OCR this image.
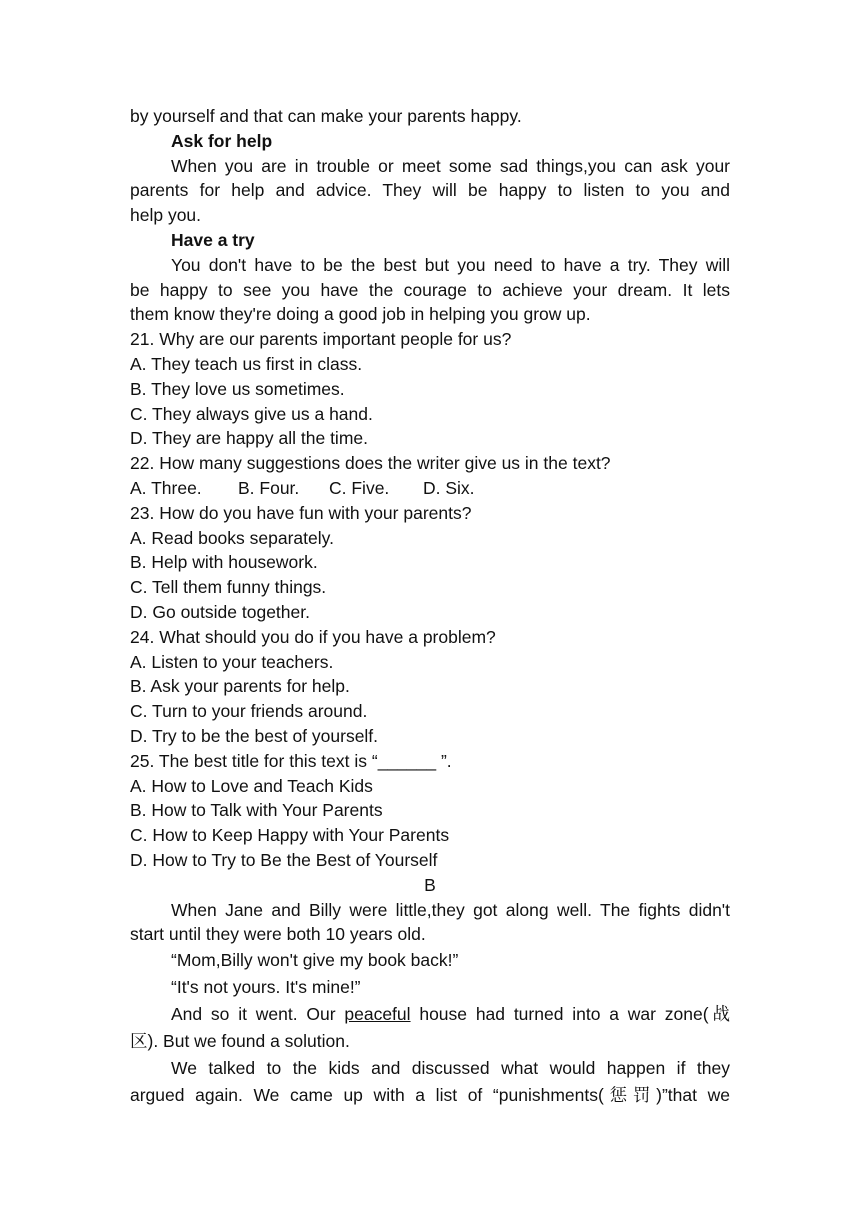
by yourself and that can make your parents happy.
Ask for help
When you are in trouble or meet some sad things,you can ask your
parents for help and advice. They will be happy to listen to you and
help you.
Have a try
You don't have to be the best but you need to have a try. They will
be happy to see you have the courage to achieve your dream. It lets
them know they're doing a good job in helping you grow up.
21. Why are our parents important people for us?
A. They teach us first in class.
B. They love us sometimes.
C. They always give us a hand.
D. They are happy all the time.
22. How many suggestions does the writer give us in the text?
A. Three. B. Four. C. Five. D. Six.
23. How do you have fun with your parents?
A. Read books separately.
B. Help with housework.
C. Tell them funny things.
D. Go outside together.
24. What should you do if you have a problem?
A. Listen to your teachers.
B. Ask your parents for help.
C. Turn to your friends around.
D. Try to be the best of yourself.
25. The best title for this text is “______ ”.
A. How to Love and Teach Kids
B. How to Talk with Your Parents
C. How to Keep Happy with Your Parents
D. How to Try to Be the Best of Yourself
B
When Jane and Billy were little,they got along well. The fights didn't
start until they were both 10 years old.
“Mom,Billy won't give my book back!”
“It's not yours. It's mine!”
And so it went. Our peaceful house had turned into a war zone(战
区). But we found a solution.
We talked to the kids and discussed what would happen if they
argued again. We came up with a list of “punishments(惩罚)”that we
